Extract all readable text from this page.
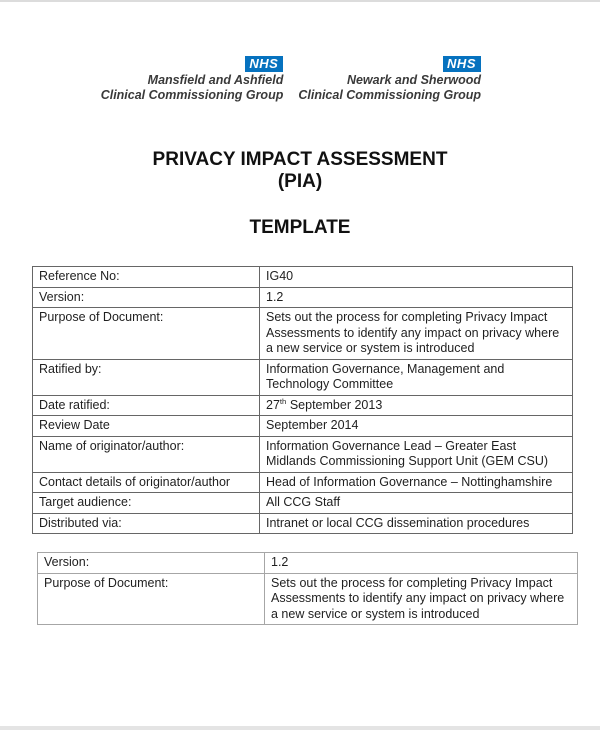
NHS
Mansfield and Ashfield
Clinical Commissioning Group
NHS
Newark and Sherwood
Clinical Commissioning Group
PRIVACY IMPACT ASSESSMENT
(PIA)
TEMPLATE
Reference No:	IG40
Version:	1.2
Purpose of Document:	Sets out the process for completing Privacy Impact Assessments to identify any impact on privacy where a new service or system is introduced
Ratified by:	Information Governance, Management and Technology Committee
Date ratified:	27th September 2013
Review Date	September 2014
Name of originator/author:	Information Governance Lead – Greater East Midlands Commissioning Support Unit (GEM CSU)
Contact details of originator/author	Head of Information Governance – Nottinghamshire
Target audience:	All CCG Staff
Distributed via:	Intranet or local CCG dissemination procedures
Version:	1.2
Purpose of Document:	Sets out the process for completing Privacy Impact Assessments to identify any impact on privacy where a new service or system is introduced
